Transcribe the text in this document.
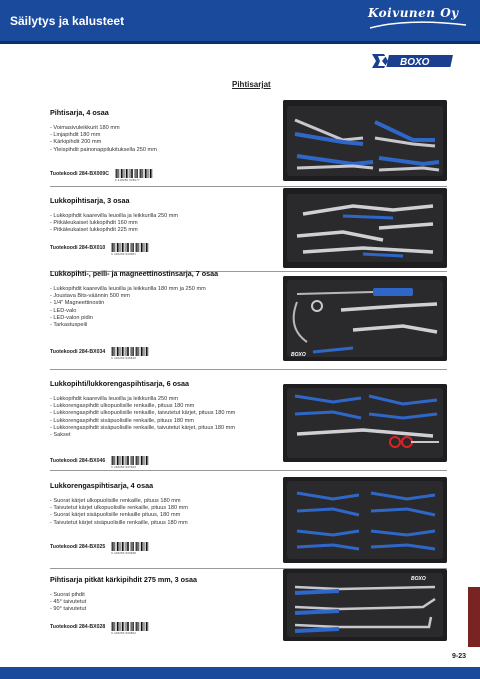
Säilytys ja kalusteet
Koivunen Oy
BOXO
Pihtisarjat
Pihtisarja, 4 osaa
- Voimasivuleikkurit 180 mm
- Linjapihdit 180 mm
- Kärkipihdit 200 mm
- Yleispihdit painonappilukituksella 250 mm
Tuotekoodi 284-BX009C
6 418250 936277
Lukkopihtisarja, 3 osaa
- Lukkopihdit kaarevilla leuoilla ja leikkurilla 250 mm
- Pitkäleukaiset lukkopihdit 160 mm
- Pitkäleukaiset lukkopihdit 225 mm
Tuotekoodi 284-BX010
6 418250 933681
Lukkopihti-, peili- ja magneettinostinsarja, 7 osaa
- Lukkopihdit kaarevilla leuoilla ja leikkurilla 180 mm ja 250 mm
- Joustava Bits-väännin 500 mm
- 1/4" Magneettinostin
- LED-valo
- LED-valon pidin
- Tarkastuspeili
Tuotekoodi 284-BX034
6 418250 936819	BOXO
Lukkopihti/lukkorengaspihtisarja, 6 osaa
- Lukkopihdit kaarevilla leuoilla ja leikkurilla 250 mm
- Lukkorengaspihdit ulkopuolisille renkaille, pituus 180 mm
- Lukkorengaspihdit ulkopuolisille renkaille, taivutetut kärjet, pituus 180 mm
- Lukkorengaspihdit sisäpuolisille renkaille, pituus 180 mm
- Lukkorengaspihdit sisäpuolisille renkaille, taivutetut kärjet, pituus 180 mm
- Sakset
Tuotekoodi 284-BX046
6 418250 937663
Lukkorengaspihtisarja, 4 osaa
- Suorat kärjet ulkopuolisille renkaille, pituus 180 mm
- Taivutetut kärjet ulkopuolisille renkaille, pituus 180 mm
- Suorat kärjet sisäpuolisille renkaille pituus, 180 mm
- Taivutetut kärjet sisäpuolisille renkaille, pituus 180 mm
Tuotekoodi 284-BX025
6 418250 933698
Pihtisarja pitkät kärkipihdit 275 mm, 3 osaa
- Suorat pihdit
- 45° taivutetut
- 90° taivutetut
Tuotekoodi 284-BX028
6 418250 933802
BOXO
9-23
